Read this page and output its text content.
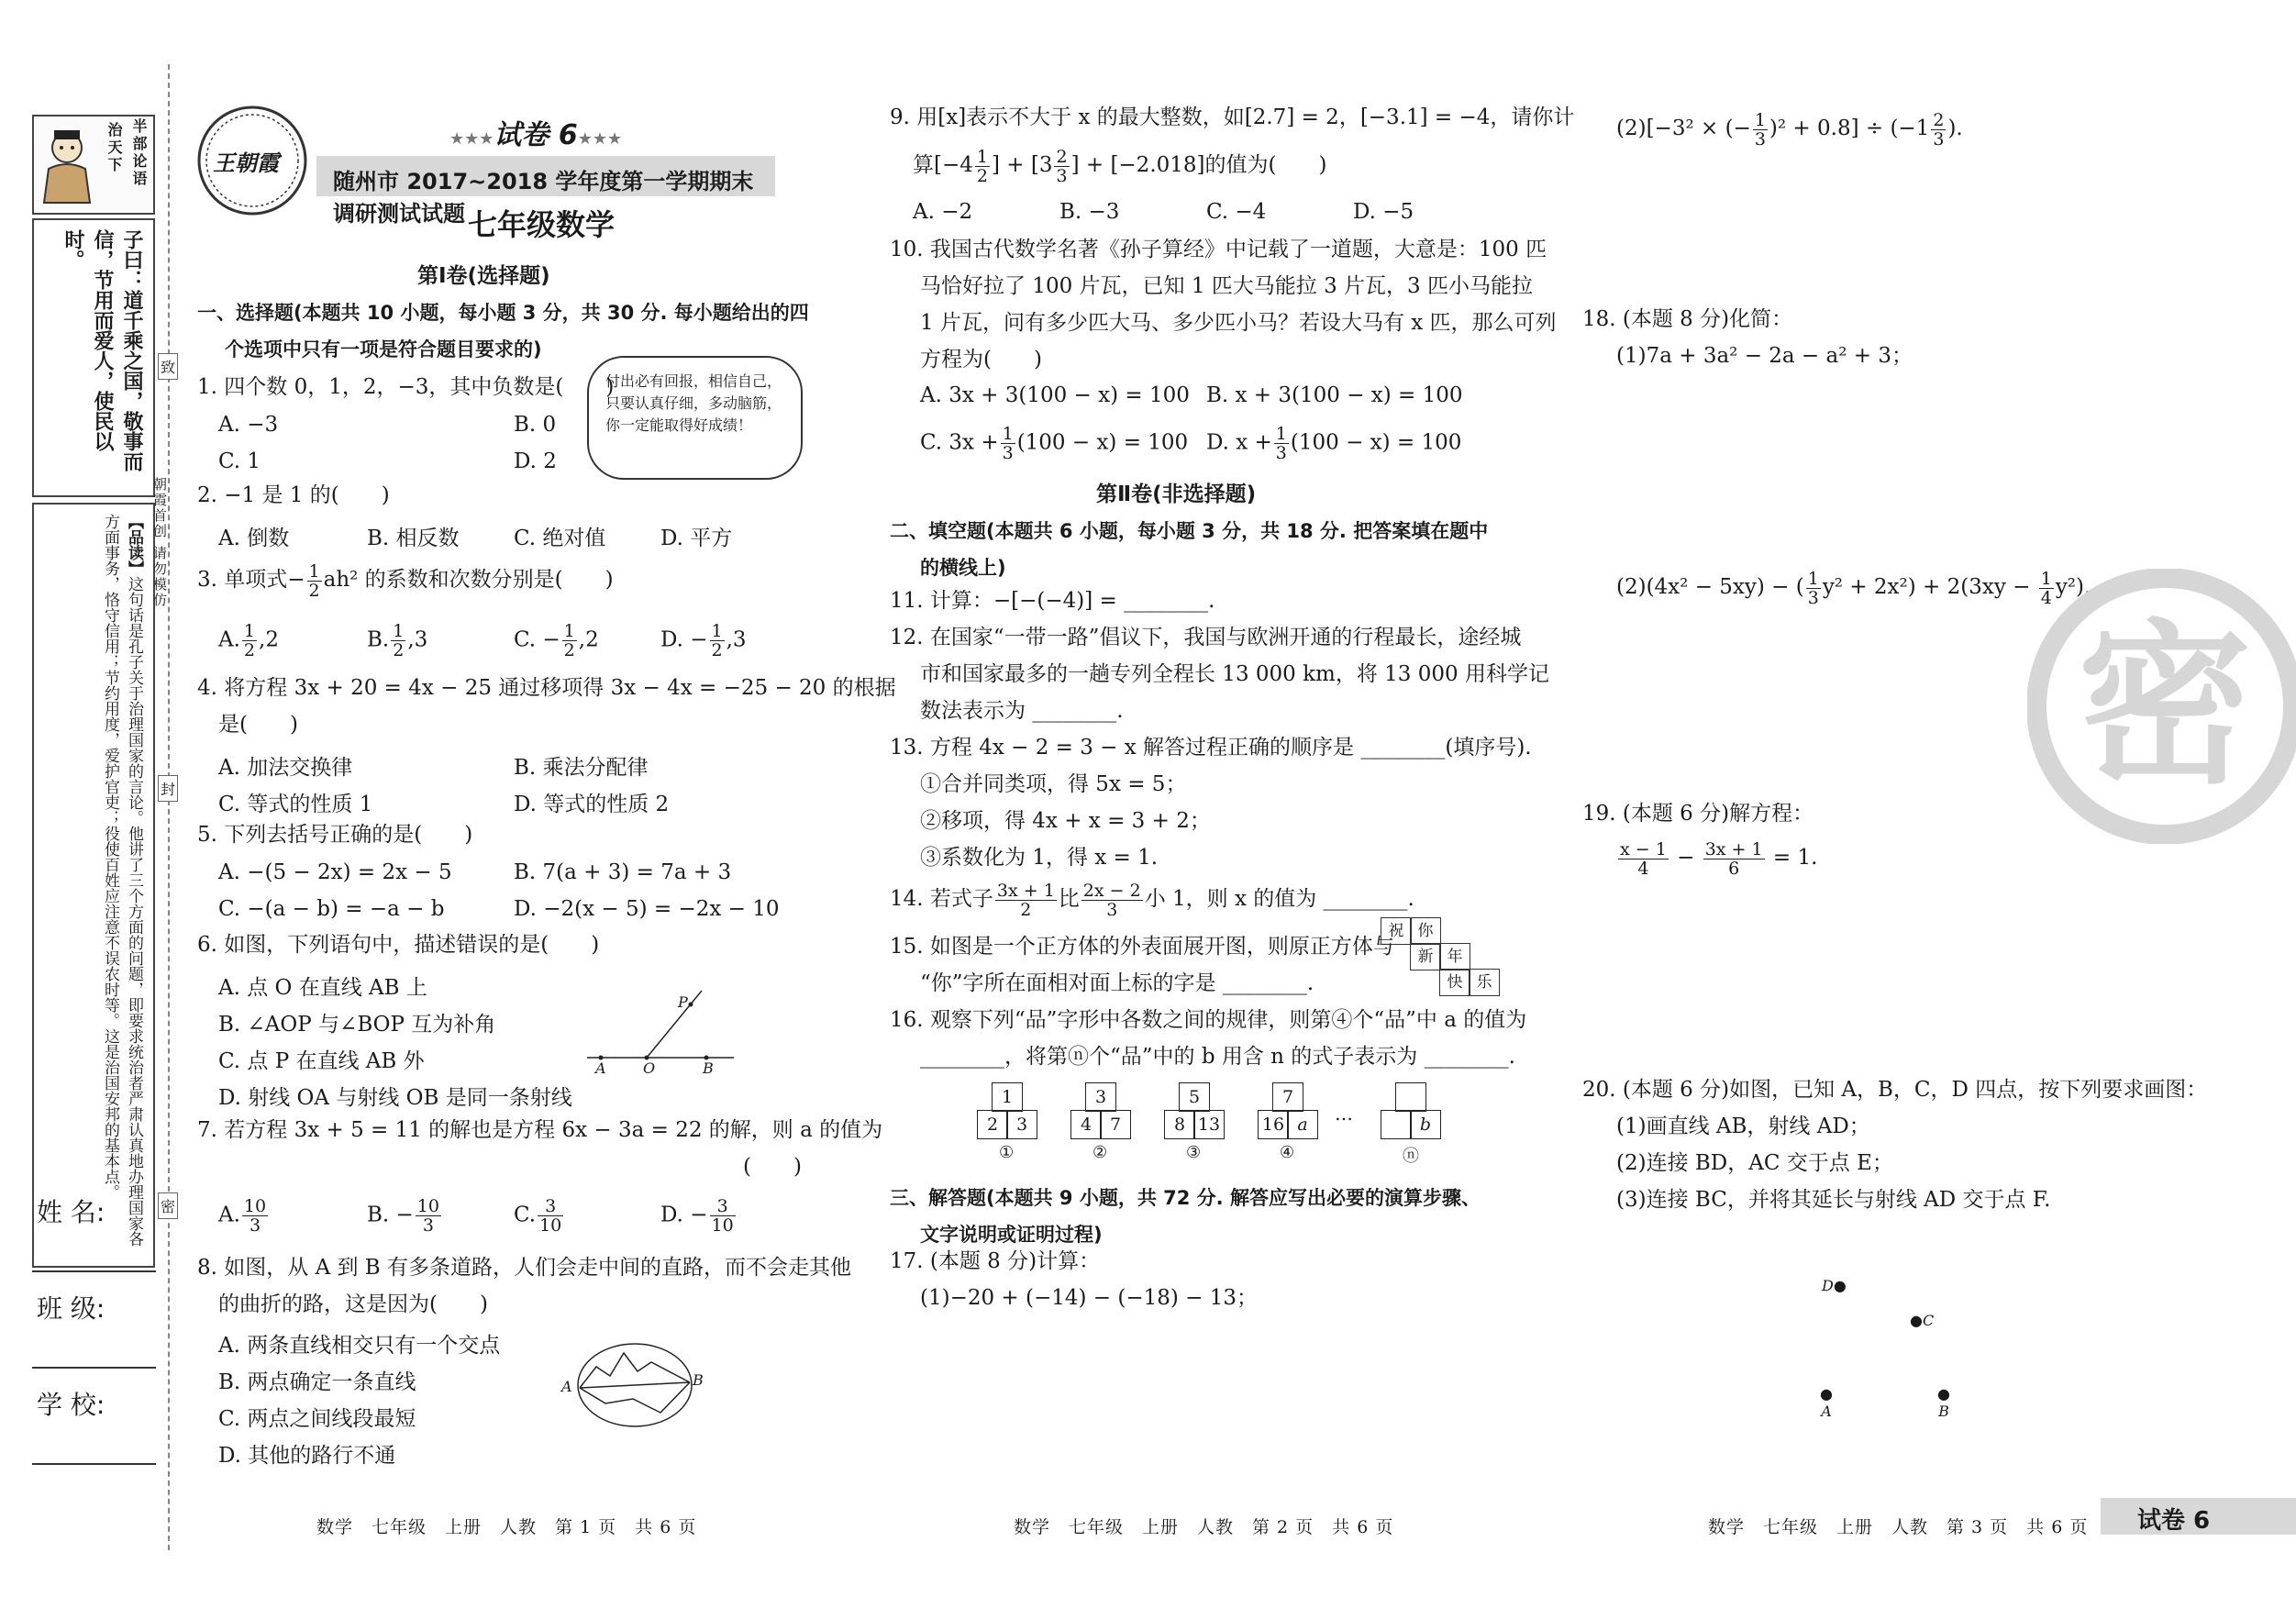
治天下
半部论语
子曰：道千乘之国，敬事而信，节用而爱人，使民以时。
【品读】这句话是孔子关于治理国家的言论。他讲了三个方面的问题，即要求统治者严肃认真地办理国家各方面事务，恪守信用；节约用度，爱护官吏；役使百姓应注意不误农时等。这是治国安邦的基本点。
姓 名:
班 级:
学 校:
致
封
密
朝霞首创 请勿模仿
王朝霞
★★★试卷 6★★★
随州市 2017~2018 学年度第一学期期末调研测试试题 七年级数学
第Ⅰ卷(选择题)
一、选择题(本题共 10 小题，每小题 3 分，共 30 分. 每小题给出的四
个选项中只有一项是符合题目要求的)
付出必有回报，相信自己，只要认真仔细，多动脑筋，你一定能取得好成绩！
1. 四个数 0，1，2，−3，其中负数是(　　)
A. −3	B. 0
C. 1	D. 2
2. −1 是 1 的(　　)
A. 倒数	B. 相反数	C. 绝对值	D. 平方
3. 单项式− $\frac{1}{2} ah^2$ 的系数和次数分别是(　　)
A. $\frac{1}{2} ,2$	B. $\frac{1}{2} ,3$	C. − $\frac{1}{2} ,2$	D. − $\frac{1}{2} ,3$
4. 将方程 3x + 20 = 4x − 25 通过移项得 3x − 4x = −25 − 20 的根据
是(　　)
A. 加法交换律	B. 乘法分配律
C. 等式的性质 1	D. 等式的性质 2
5. 下列去括号正确的是(　　)
A. −(5 − 2x) = 2x − 5	B. 7(a + 3) = 7a + 3
C. −(a − b) = −a − b	D. −2(x − 5) = −2x − 10
6. 如图，下列语句中，描述错误的是(　　)
A. 点 O 在直线 AB 上
B. ∠AOP 与∠BOP 互为补角
C. 点 P 在直线 AB 外
D. 射线 OA 与射线 OB 是同一条射线
A	O	B
P
7. 若方程 3x + 5 = 11 的解也是方程 6x − 3a = 22 的解，则 a 的值为
(　　)
A. $\frac{10}{3}$	B. − $\frac{10}{3}$	C. $\frac{3}{10}$	D. − $\frac{3}{10}$
8. 如图，从 A 到 B 有多条道路，人们会走中间的直路，而不会走其他
的曲折的路，这是因为(　　)
A. 两条直线相交只有一个交点
B. 两点确定一条直线
C. 两点之间线段最短
D. 其他的路行不通
A	B
数学　七年级　上册　人教　第 1 页　共 6 页
9. 用[x]表示不大于 x 的最大整数，如[2.7] = 2，[−3.1] = −4，请你计
算[$-4 \frac{1}{2}$ ] + [$3 \frac{2}{3}$ ] + [−2.018]的值为(　　)
A. −2	B. −3	C. −4	D. −5
10. 我国古代数学名著《孙子算经》中记载了一道题，大意是：100 匹
马恰好拉了 100 片瓦，已知 1 匹大马能拉 3 片瓦，3 匹小马能拉
1 片瓦，问有多少匹大马、多少匹小马？若设大马有 x 匹，那么可列
方程为(　　)
A. 3x + 3(100 − x) = 100 B. x + 3(100 − x) = 100
C. $3x + \frac{1}{3} (100 - x) = 100$ D. $x + \frac{1}{3} (100 - x) = 100$
第Ⅱ卷(非选择题)
二、填空题(本题共 6 小题，每小题 3 分，共 18 分. 把答案填在题中
的横线上)
11. 计算：−[−(−4)] = ________.
12. 在国家“一带一路”倡议下，我国与欧洲开通的行程最长，途经城
市和国家最多的一趟专列全程长 13 000 km，将 13 000 用科学记
数法表示为 ________.
13. 方程 4x − 2 = 3 − x 解答过程正确的顺序是 ________(填序号).
①合并同类项，得 5x = 5；
②移项，得 4x + x = 3 + 2；
③系数化为 1，得 x = 1.
14. 若式子 $\frac{3x + 1}{2}$ 比 $\frac{2x - 2}{3}$ 小 1，则 x 的值为 ________.
15. 如图是一个正方体的外表面展开图，则原正方体与
“你”字所在面相对面上标的字是 ________.
祝 你
新 年
快 乐
16. 观察下列“品”字形中各数之间的规律，则第④个“品”中 a 的值为
________，将第ⓝ个“品”中的 b 用含 n 的式子表示为 ________.
1
2	3
①
3
4	7
②
5
8 13
③
7
16 a
④
…	b
ⓝ
三、解答题(本题共 9 小题，共 72 分. 解答应写出必要的演算步骤、
文字说明或证明过程)
17. (本题 8 分)计算：
(1)−20 + (−14) − (−18) − 13；
数学　七年级　上册　人教　第 2 页　共 6 页
(2)[−3² × (− $\frac{1}{3} )^2 + 0.8] \div (-1 \frac{2}{3}$ ).
18. (本题 8 分)化简：
(1)7a + 3a² − 2a − a² + 3；
(2)(4x² − 5xy) − ( $\frac{1}{3} y^2 + 2x^2) + 2(3xy - \frac{1}{4} y^2)$.
19. (本题 6 分)解方程：
$\frac{x - 1}{4} - \frac{3x + 1}{6} = 1$.
20. (本题 6 分)如图，已知 A，B，C，D 四点，按下列要求画图：
(1)画直线 AB，射线 AD；
(2)连接 BD，AC 交于点 E；
(3)连接 BC，并将其延长与射线 AD 交于点 F.
D●
●C
●
A
●
B
密
数学　七年级　上册　人教　第 3 页　共 6 页 试卷 6
